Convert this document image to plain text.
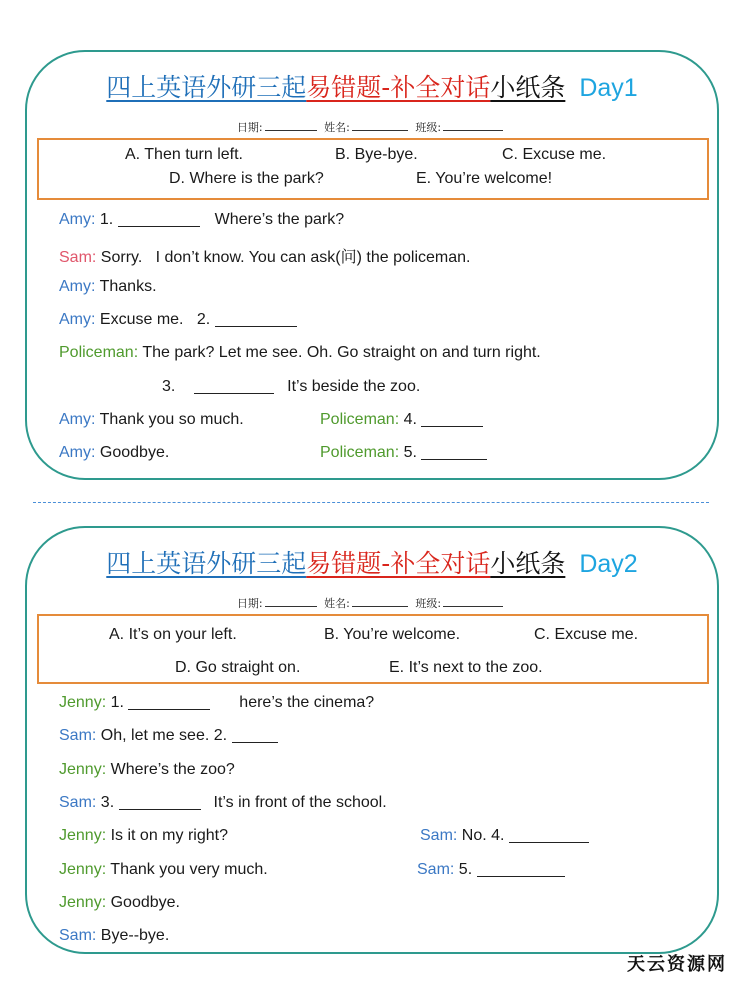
四上英语外研三起易错题-补全对话小纸条 Day1
日期:	姓名:	班级:
A. Then turn left.	B. Bye-bye.	C. Excuse me.
D. Where is the park?	E. You’re welcome!
Amy: 1.	Where’s the park?
Sam: Sorry.   I don’t know. You can ask(问) the policeman.
Amy: Thanks.
Amy: Excuse me.   2.
Policeman: The park? Let me see. Oh. Go straight on and turn right.
3.	It’s beside the zoo.
Amy: Thank you so much.	Policeman: 4.
Amy: Goodbye.	Policeman: 5.
四上英语外研三起易错题-补全对话小纸条 Day2
日期:	姓名:	班级:
A. It’s on your left.	B. You’re welcome.	C. Excuse me.
D. Go straight on.	E. It’s next to the zoo.
Jenny: 1.	here’s the cinema?
Sam: Oh, let me see. 2.
Jenny: Where’s the zoo?
Sam: 3.	It’s in front of the school.
Jenny: Is it on my right?	Sam: No. 4.
Jenny: Thank you very much.	Sam: 5.
Jenny: Goodbye.
Sam: Bye--bye.
天云资源网
